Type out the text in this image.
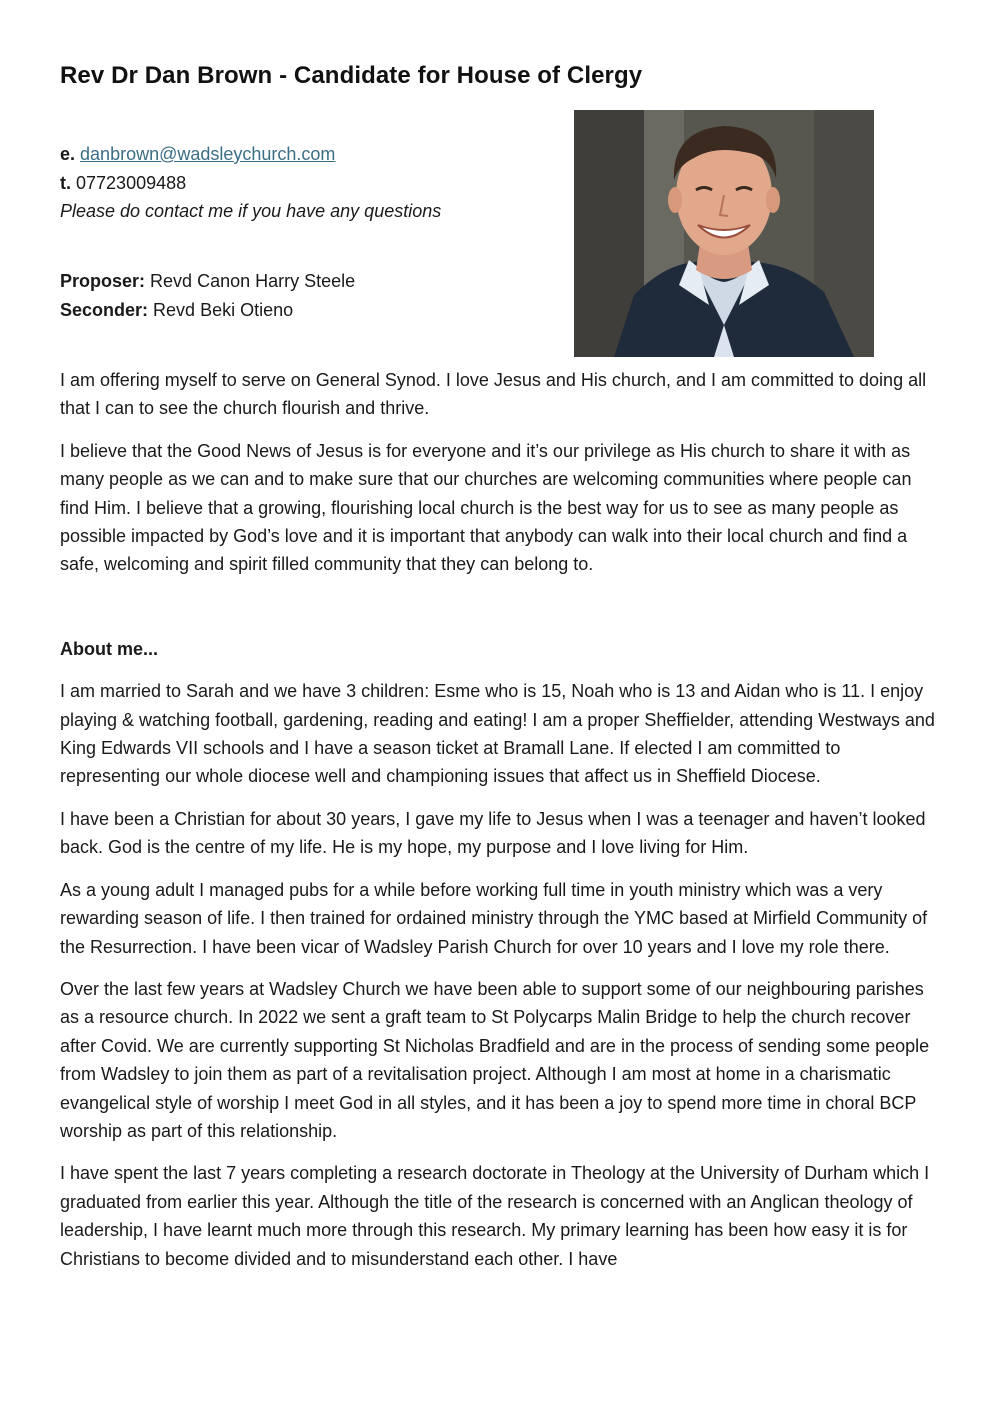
Rev Dr Dan Brown - Candidate for House of Clergy
e. danbrown@wadsleychurch.com
t. 07723009488
Please do contact me if you have any questions
Proposer: Revd Canon Harry Steele
Seconder: Revd Beki Otieno

I am offering myself to serve on General Synod. I love Jesus and His church, and I am committed to doing all that I can to see the church flourish and thrive.

I believe that the Good News of Jesus is for everyone and it’s our privilege as His church to share it with as many people as we can and to make sure that our churches are welcoming communities where people can find Him. I believe that a growing, flourishing local church is the best way for us to see as many people as possible impacted by God’s love and it is important that anybody can walk into their local church and find a safe, welcoming and spirit filled community that they can belong to.

About me...

I am married to Sarah and we have 3 children: Esme who is 15, Noah who is 13 and Aidan who is 11. I enjoy playing & watching football, gardening, reading and eating! I am a proper Sheffielder, attending Westways and King Edwards VII schools and I have a season ticket at Bramall Lane. If elected I am committed to representing our whole diocese well and championing issues that affect us in Sheffield Diocese.

I have been a Christian for about 30 years, I gave my life to Jesus when I was a teenager and haven’t looked back. God is the centre of my life. He is my hope, my purpose and I love living for Him.

As a young adult I managed pubs for a while before working full time in youth ministry which was a very rewarding season of life. I then trained for ordained ministry through the YMC based at Mirfield Community of the Resurrection. I have been vicar of Wadsley Parish Church for over 10 years and I love my role there.

Over the last few years at Wadsley Church we have been able to support some of our neighbouring parishes as a resource church. In 2022 we sent a graft team to St Polycarps Malin Bridge to help the church recover after Covid. We are currently supporting St Nicholas Bradfield and are in the process of sending some people from Wadsley to join them as part of a revitalisation project. Although I am most at home in a charismatic evangelical style of worship I meet God in all styles, and it has been a joy to spend more time in choral BCP worship as part of this relationship.

I have spent the last 7 years completing a research doctorate in Theology at the University of Durham which I graduated from earlier this year. Although the title of the research is concerned with an Anglican theology of leadership, I have learnt much more through this research. My primary learning has been how easy it is for Christians to become divided and to misunderstand each other. I have
